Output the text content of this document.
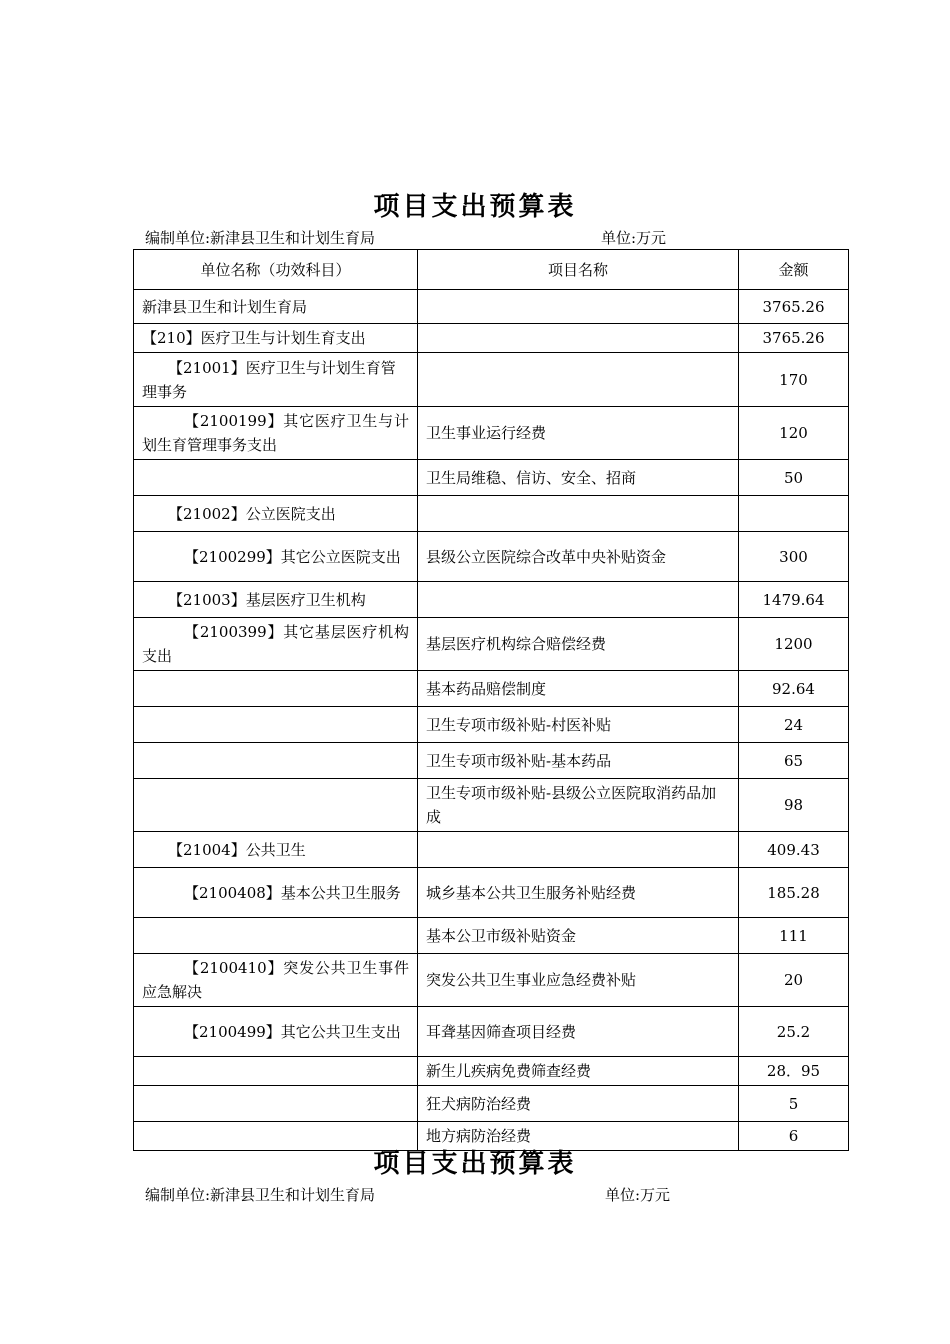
项目支出预算表
编制单位:新津县卫生和计划生育局	单位:万元
单位名称（功效科目）	项目名称	金额
新津县卫生和计划生育局		3765.26
【210】医疗卫生与计划生育支出		3765.26
【21001】医疗卫生与计划生育管理事务		170
【2100199】其它医疗卫生与计划生育管理事务支出	卫生事业运行经费	120
	卫生局维稳、信访、安全、招商	50
【21002】公立医院支出		
【2100299】其它公立医院支出	县级公立医院综合改革中央补贴资金	300
【21003】基层医疗卫生机构		1479.64
【2100399】其它基层医疗机构支出	基层医疗机构综合赔偿经费	1200
	基本药品赔偿制度	92.64
	卫生专项市级补贴-村医补贴	24
	卫生专项市级补贴-基本药品	65
	卫生专项市级补贴-县级公立医院取消药品加成	98
【21004】公共卫生		409.43
【2100408】基本公共卫生服务	城乡基本公共卫生服务补贴经费	185.28
	基本公卫市级补贴资金	111
【2100410】突发公共卫生事件应急解决	突发公共卫生事业应急经费补贴	20
【2100499】其它公共卫生支出	耳聋基因筛查项目经费	25.2
	新生儿疾病免费筛查经费	28．95
	狂犬病防治经费	5
	地方病防治经费	6
项目支出预算表
编制单位:新津县卫生和计划生育局	单位:万元
